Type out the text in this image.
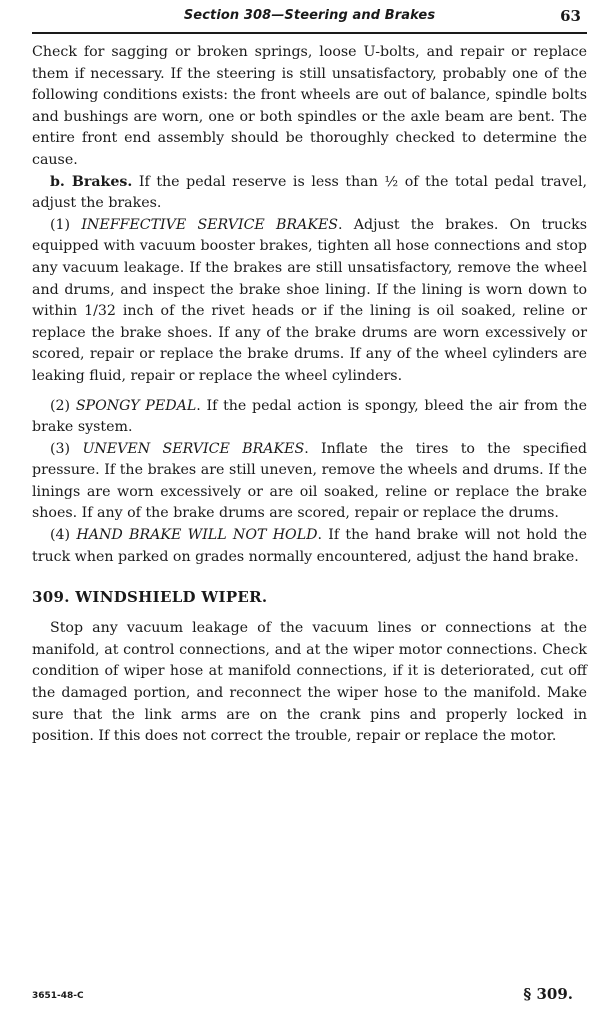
Section 308—Steering and Brakes	63

Check for sagging or broken springs, loose U-bolts, and repair or replace them if necessary. If the steering is still unsatisfactory, probably one of the following conditions exists: the front wheels are out of balance, spindle bolts and bushings are worn, one or both spindles or the axle beam are bent. The entire front end assembly should be thoroughly checked to determine the cause.

b. Brakes. If the pedal reserve is less than ½ of the total pedal travel, adjust the brakes.

(1) INEFFECTIVE SERVICE BRAKES. Adjust the brakes. On trucks equipped with vacuum booster brakes, tighten all hose connections and stop any vacuum leakage. If the brakes are still unsatisfactory, remove the wheel and drums, and inspect the brake shoe lining. If the lining is worn down to within 1/32 inch of the rivet heads or if the lining is oil soaked, reline or replace the brake shoes. If any of the brake drums are worn excessively or scored, repair or replace the brake drums. If any of the wheel cylinders are leaking fluid, repair or replace the wheel cylinders.

(2) SPONGY PEDAL. If the pedal action is spongy, bleed the air from the brake system.

(3) UNEVEN SERVICE BRAKES. Inflate the tires to the specified pressure. If the brakes are still uneven, remove the wheels and drums. If the linings are worn excessively or are oil soaked, reline or replace the brake shoes. If any of the brake drums are scored, repair or replace the drums.

(4) HAND BRAKE WILL NOT HOLD. If the hand brake will not hold the truck when parked on grades normally encountered, adjust the hand brake.

309. WINDSHIELD WIPER.

Stop any vacuum leakage of the vacuum lines or connections at the manifold, at control connections, and at the wiper motor connections. Check condition of wiper hose at manifold connections, if it is deteriorated, cut off the damaged portion, and reconnect the wiper hose to the manifold. Make sure that the link arms are on the crank pins and properly locked in position. If this does not correct the trouble, repair or replace the motor.

3651-48-C	§ 309.
